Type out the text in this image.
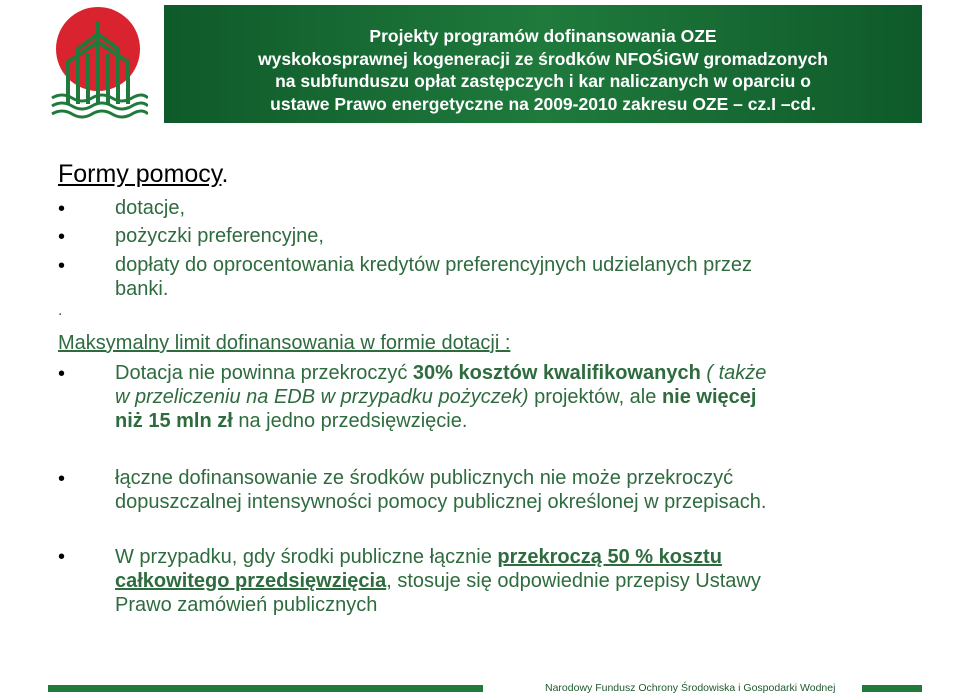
Projekty programów dofinansowania OZE
wyskokosprawnej kogeneracji ze środków NFOŚiGW gromadzonych
na subfunduszu opłat zastępczych i kar naliczanych w oparciu o
ustawe Prawo energetyczne na 2009-2010 zakresu OZE – cz.I –cd.
Formy pomocy.
• dotacje,
• pożyczki preferencyjne,
• dopłaty do oprocentowania kredytów preferencyjnych udzielanych przez
banki.
.
Maksymalny limit dofinansowania w formie dotacji :
• Dotacja nie powinna przekroczyć 30% kosztów kwalifikowanych ( także
w przeliczeniu na EDB w przypadku pożyczek) projektów, ale nie więcej
niż 15 mln zł na jedno przedsięwzięcie.
• łączne dofinansowanie ze środków publicznych nie może przekroczyć
dopuszczalnej intensywności pomocy publicznej określonej w przepisach.
• W przypadku, gdy środki publiczne łącznie przekroczą 50 % kosztu
całkowitego przedsięwzięcia, stosuje się odpowiednie przepisy Ustawy
Prawo zamówień publicznych
Narodowy Fundusz Ochrony Środowiska i Gospodarki Wodnej
